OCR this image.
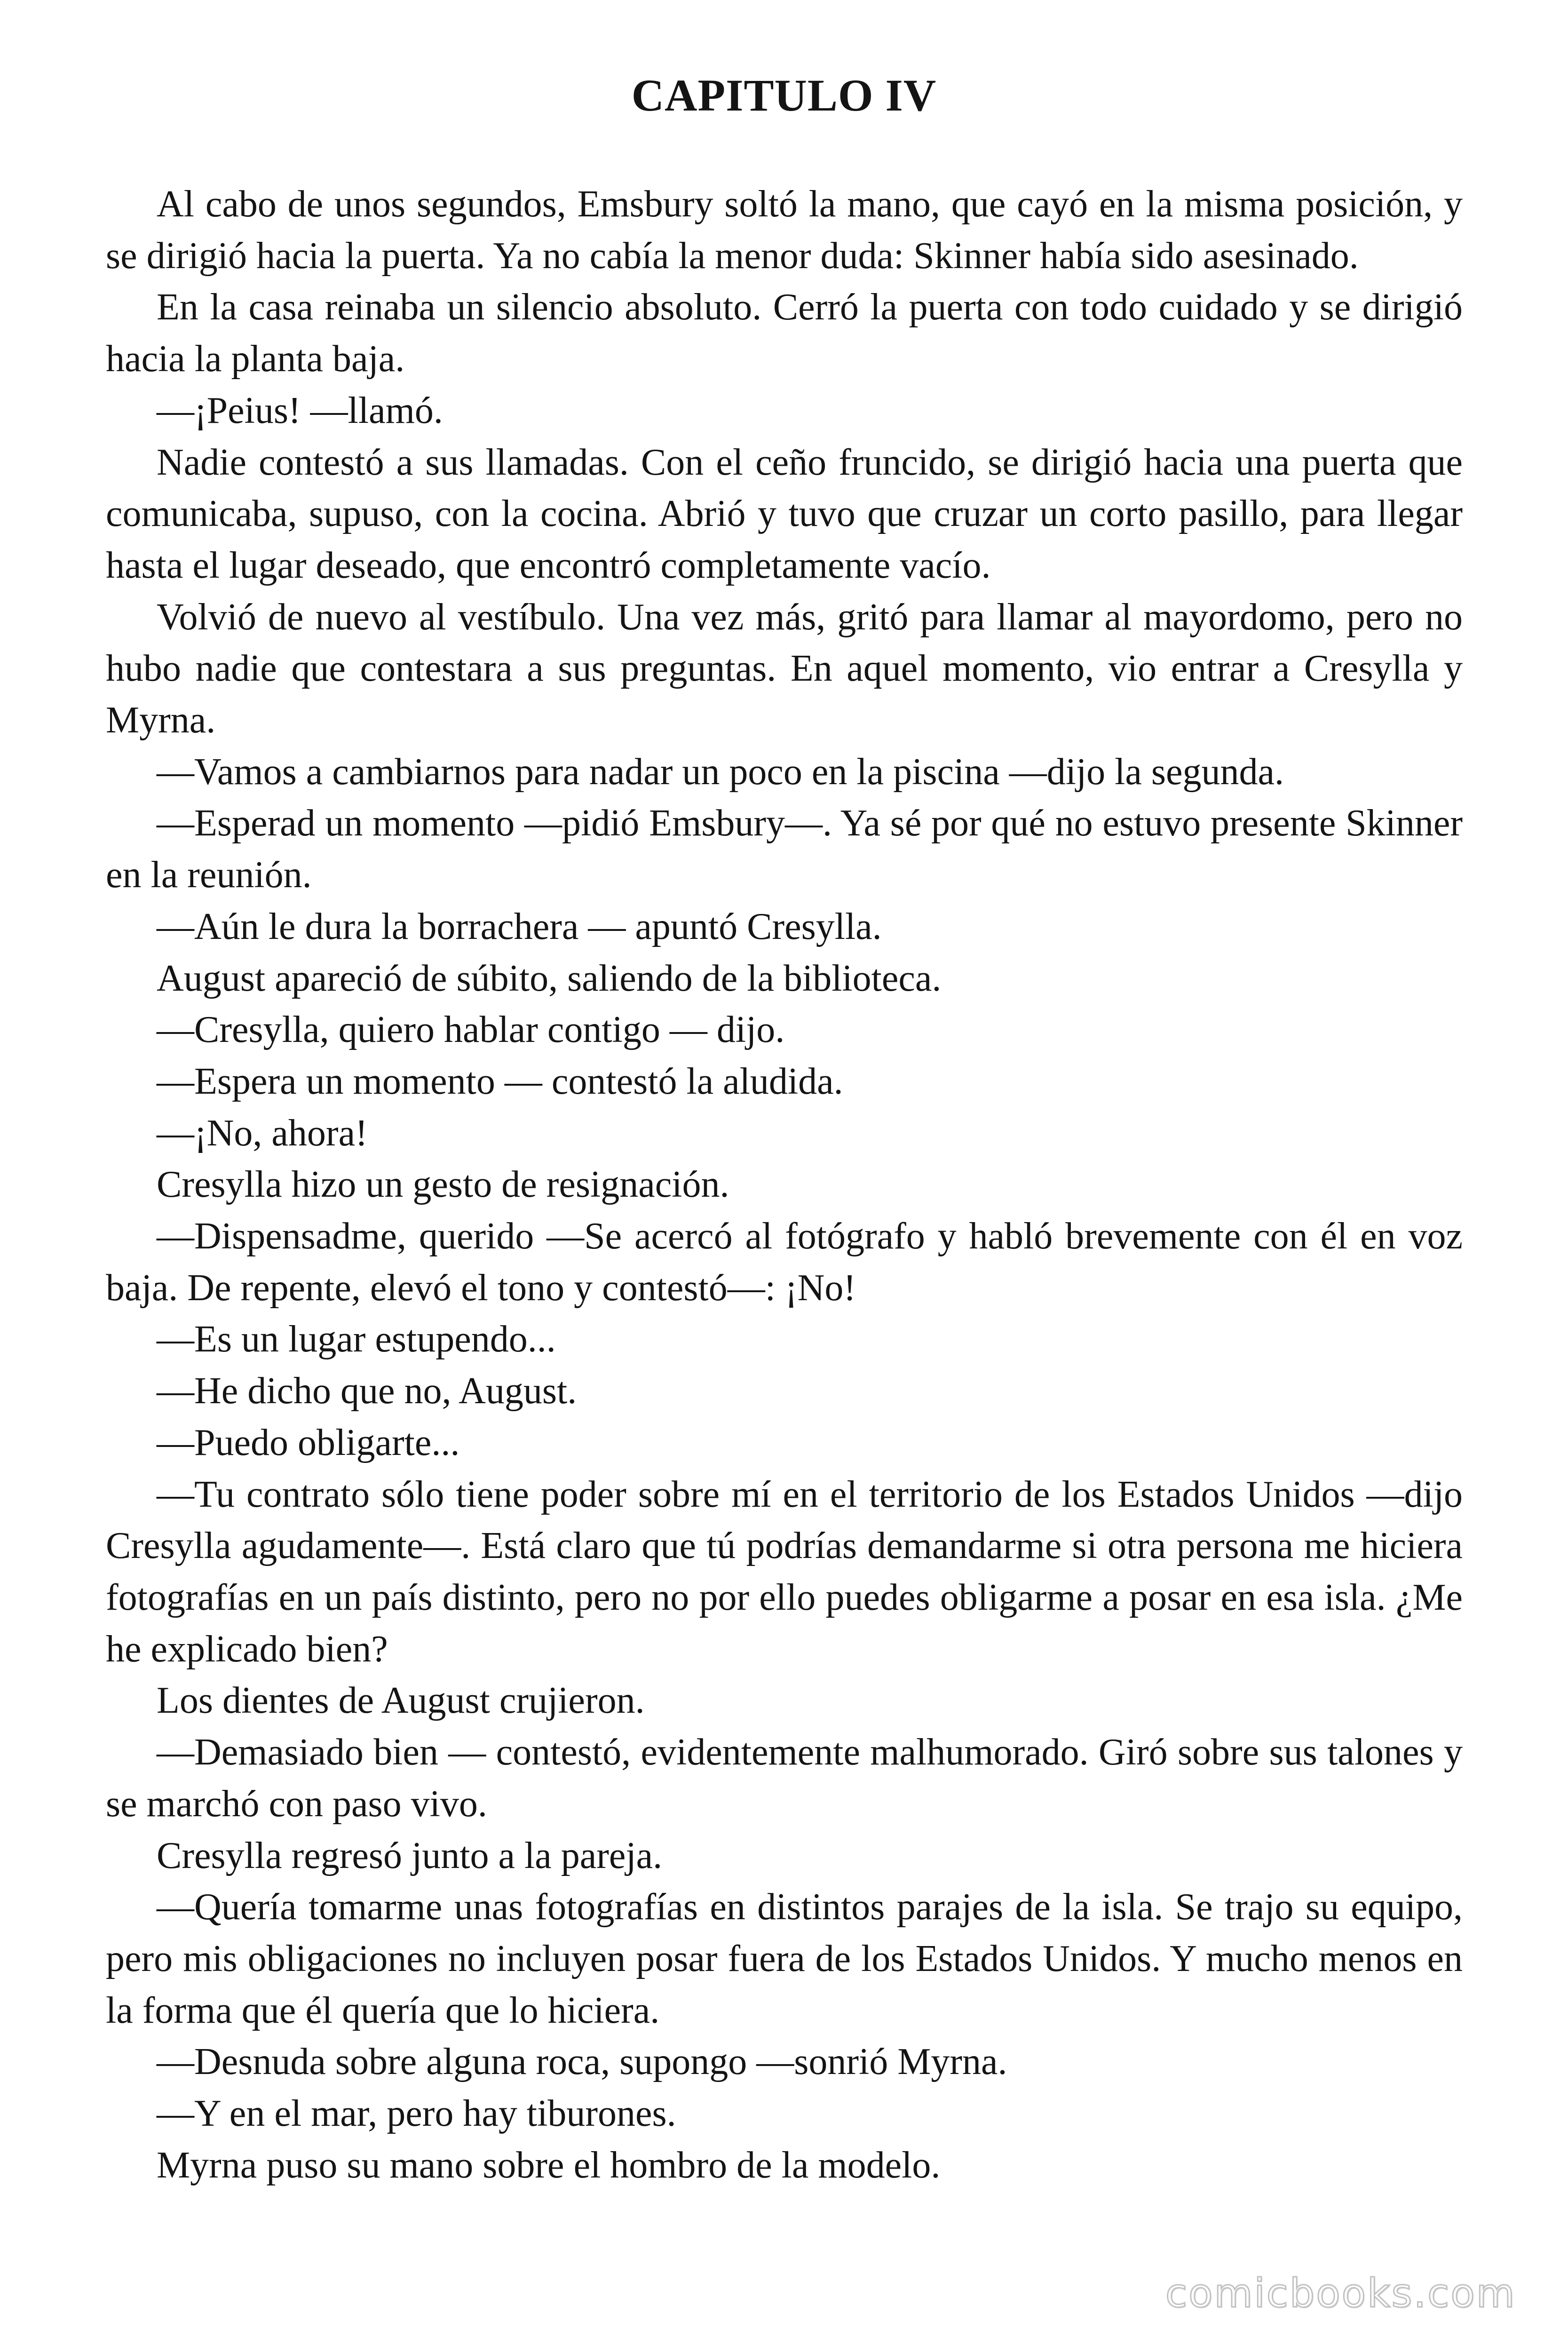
CAPITULO IV

Al cabo de unos segundos, Emsbury soltó la mano, que cayó en la misma posición, y se dirigió hacia la puerta. Ya no cabía la menor duda: Skinner había sido asesinado.

En la casa reinaba un silencio absoluto. Cerró la puerta con todo cuidado y se dirigió hacia la planta baja.

—¡Peius! —llamó.

Nadie contestó a sus llamadas. Con el ceño fruncido, se dirigió hacia una puerta que comunicaba, supuso, con la cocina. Abrió y tuvo que cruzar un corto pasillo, para llegar hasta el lugar deseado, que encontró completamente vacío.

Volvió de nuevo al vestíbulo. Una vez más, gritó para llamar al mayordomo, pero no hubo nadie que contestara a sus preguntas. En aquel momento, vio entrar a Cresylla y Myrna.

—Vamos a cambiarnos para nadar un poco en la piscina —dijo la segunda.

—Esperad un momento —pidió Emsbury—. Ya sé por qué no estuvo presente Skinner en la reunión.

—Aún le dura la borrachera — apuntó Cresylla.

August apareció de súbito, saliendo de la biblioteca.

—Cresylla, quiero hablar contigo — dijo.

—Espera un momento — contestó la aludida.

—¡No, ahora!

Cresylla hizo un gesto de resignación.

—Dispensadme, querido —Se acercó al fotógrafo y habló brevemente con él en voz baja. De repente, elevó el tono y contestó—: ¡No!

—Es un lugar estupendo...

—He dicho que no, August.

—Puedo obligarte...

—Tu contrato sólo tiene poder sobre mí en el territorio de los Estados Unidos —dijo Cresylla agudamente—. Está claro que tú podrías demandarme si otra persona me hiciera fotografías en un país distinto, pero no por ello puedes obligarme a posar en esa isla. ¿Me he explicado bien?

Los dientes de August crujieron.

—Demasiado bien — contestó, evidentemente malhumorado. Giró sobre sus talones y se marchó con paso vivo.

Cresylla regresó junto a la pareja.

—Quería tomarme unas fotografías en distintos parajes de la isla. Se trajo su equipo, pero mis obligaciones no incluyen posar fuera de los Estados Unidos. Y mucho menos en la forma que él quería que lo hiciera.

—Desnuda sobre alguna roca, supongo —sonrió Myrna.

—Y en el mar, pero hay tiburones.

Myrna puso su mano sobre el hombro de la modelo.

comicbooks.com
